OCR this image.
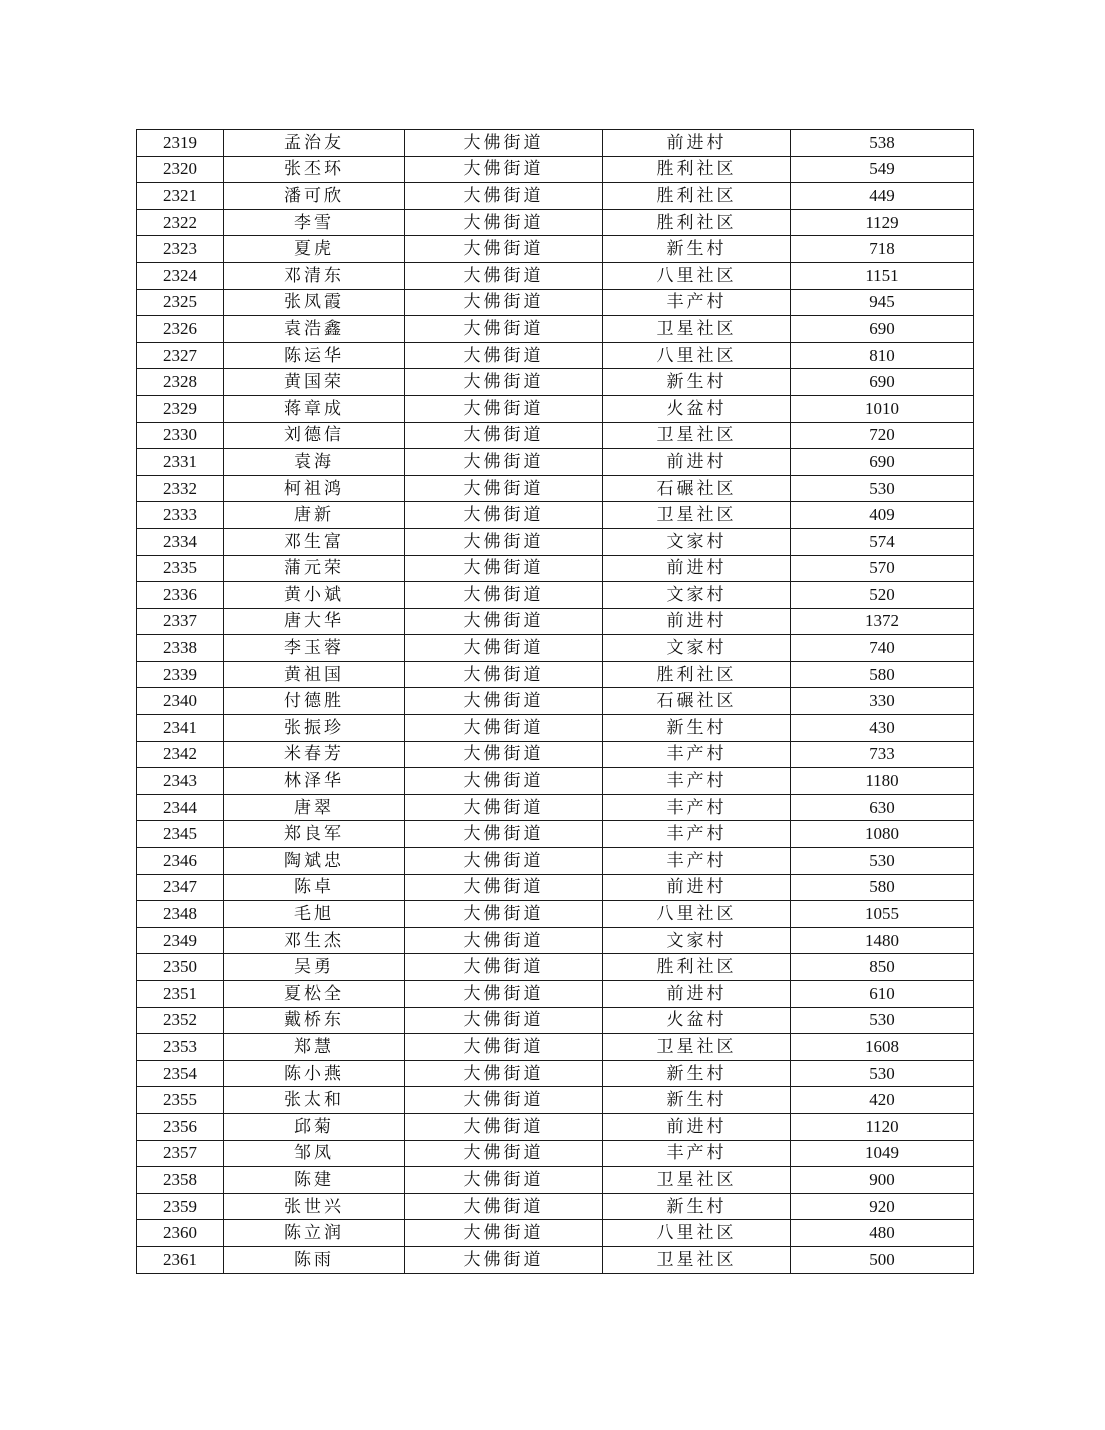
2319	孟治友	大佛街道	前进村	538
2320	张丕环	大佛街道	胜利社区	549
2321	潘可欣	大佛街道	胜利社区	449
2322	李雪	大佛街道	胜利社区	1129
2323	夏虎	大佛街道	新生村	718
2324	邓清东	大佛街道	八里社区	1151
2325	张凤霞	大佛街道	丰产村	945
2326	袁浩鑫	大佛街道	卫星社区	690
2327	陈运华	大佛街道	八里社区	810
2328	黄国荣	大佛街道	新生村	690
2329	蒋章成	大佛街道	火盆村	1010
2330	刘德信	大佛街道	卫星社区	720
2331	袁海	大佛街道	前进村	690
2332	柯祖鸿	大佛街道	石碾社区	530
2333	唐新	大佛街道	卫星社区	409
2334	邓生富	大佛街道	文家村	574
2335	蒲元荣	大佛街道	前进村	570
2336	黄小斌	大佛街道	文家村	520
2337	唐大华	大佛街道	前进村	1372
2338	李玉蓉	大佛街道	文家村	740
2339	黄祖国	大佛街道	胜利社区	580
2340	付德胜	大佛街道	石碾社区	330
2341	张振珍	大佛街道	新生村	430
2342	米春芳	大佛街道	丰产村	733
2343	林泽华	大佛街道	丰产村	1180
2344	唐翠	大佛街道	丰产村	630
2345	郑良军	大佛街道	丰产村	1080
2346	陶斌忠	大佛街道	丰产村	530
2347	陈卓	大佛街道	前进村	580
2348	毛旭	大佛街道	八里社区	1055
2349	邓生杰	大佛街道	文家村	1480
2350	吴勇	大佛街道	胜利社区	850
2351	夏松全	大佛街道	前进村	610
2352	戴桥东	大佛街道	火盆村	530
2353	郑慧	大佛街道	卫星社区	1608
2354	陈小燕	大佛街道	新生村	530
2355	张太和	大佛街道	新生村	420
2356	邱菊	大佛街道	前进村	1120
2357	邹凤	大佛街道	丰产村	1049
2358	陈建	大佛街道	卫星社区	900
2359	张世兴	大佛街道	新生村	920
2360	陈立润	大佛街道	八里社区	480
2361	陈雨	大佛街道	卫星社区	500
